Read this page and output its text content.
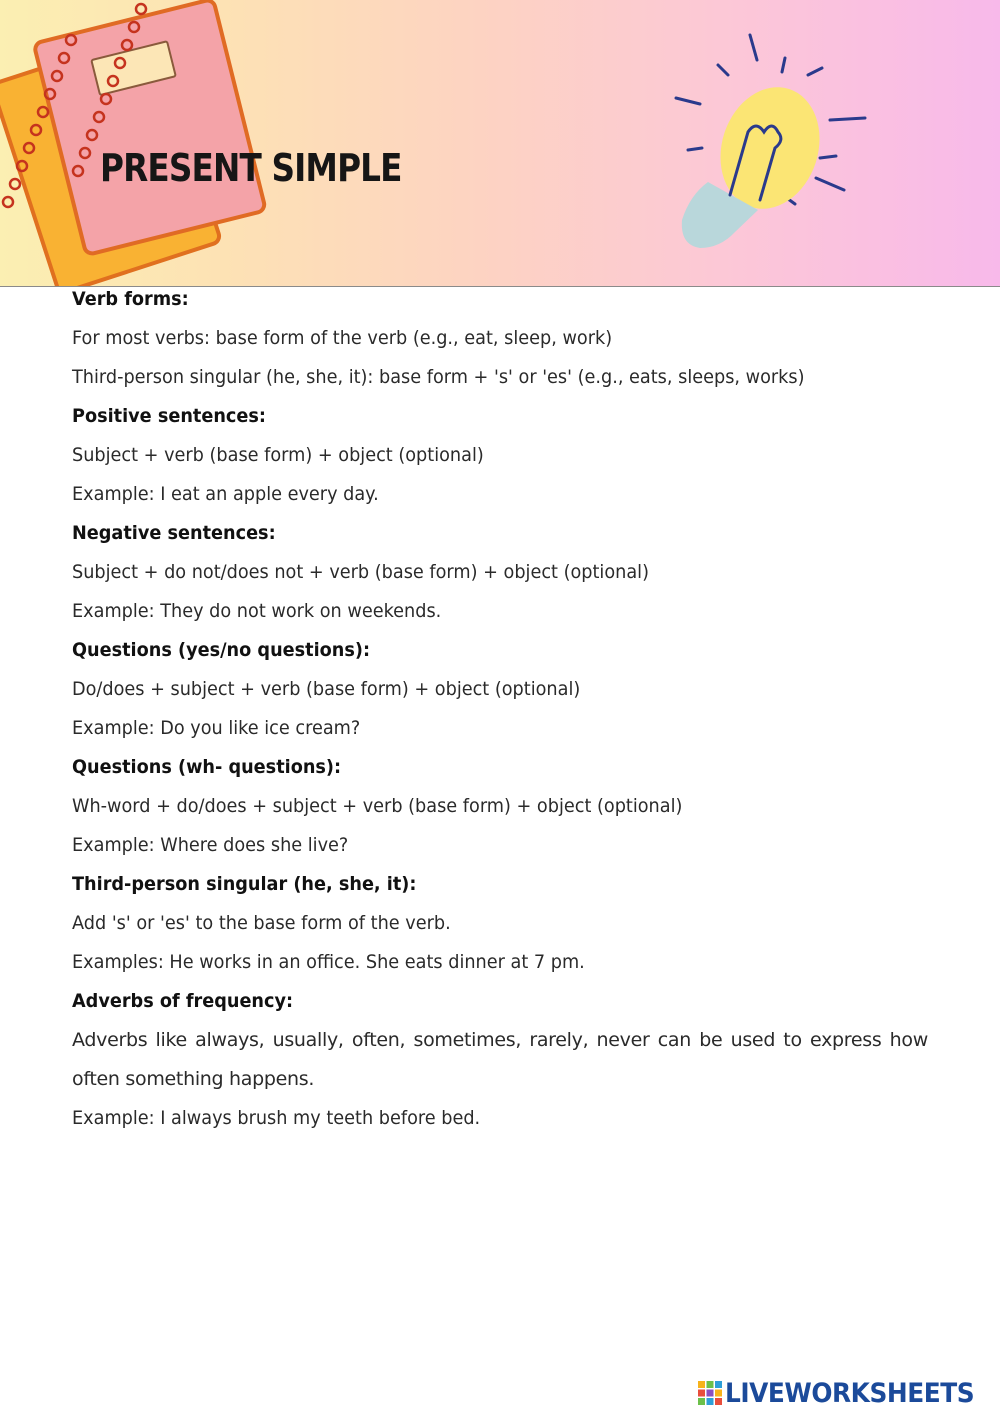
PRESENT SIMPLE
Verb forms:
For most verbs: base form of the verb (e.g., eat, sleep, work)
Third-person singular (he, she, it): base form + 's' or 'es' (e.g., eats, sleeps, works)
Positive sentences:
Subject + verb (base form) + object (optional)
Example: I eat an apple every day.
Negative sentences:
Subject + do not/does not + verb (base form) + object (optional)
Example: They do not work on weekends.
Questions (yes/no questions):
Do/does + subject + verb (base form) + object (optional)
Example: Do you like ice cream?
Questions (wh- questions):
Wh-word + do/does + subject + verb (base form) + object (optional)
Example: Where does she live?
Third-person singular (he, she, it):
Add 's' or 'es' to the base form of the verb.
Examples: He works in an office. She eats dinner at 7 pm.
Adverbs of frequency:
Adverbs like always, usually, often, sometimes, rarely, never can be used to express how often something happens.
Example: I always brush my teeth before bed.
LIVEWORKSHEETS
